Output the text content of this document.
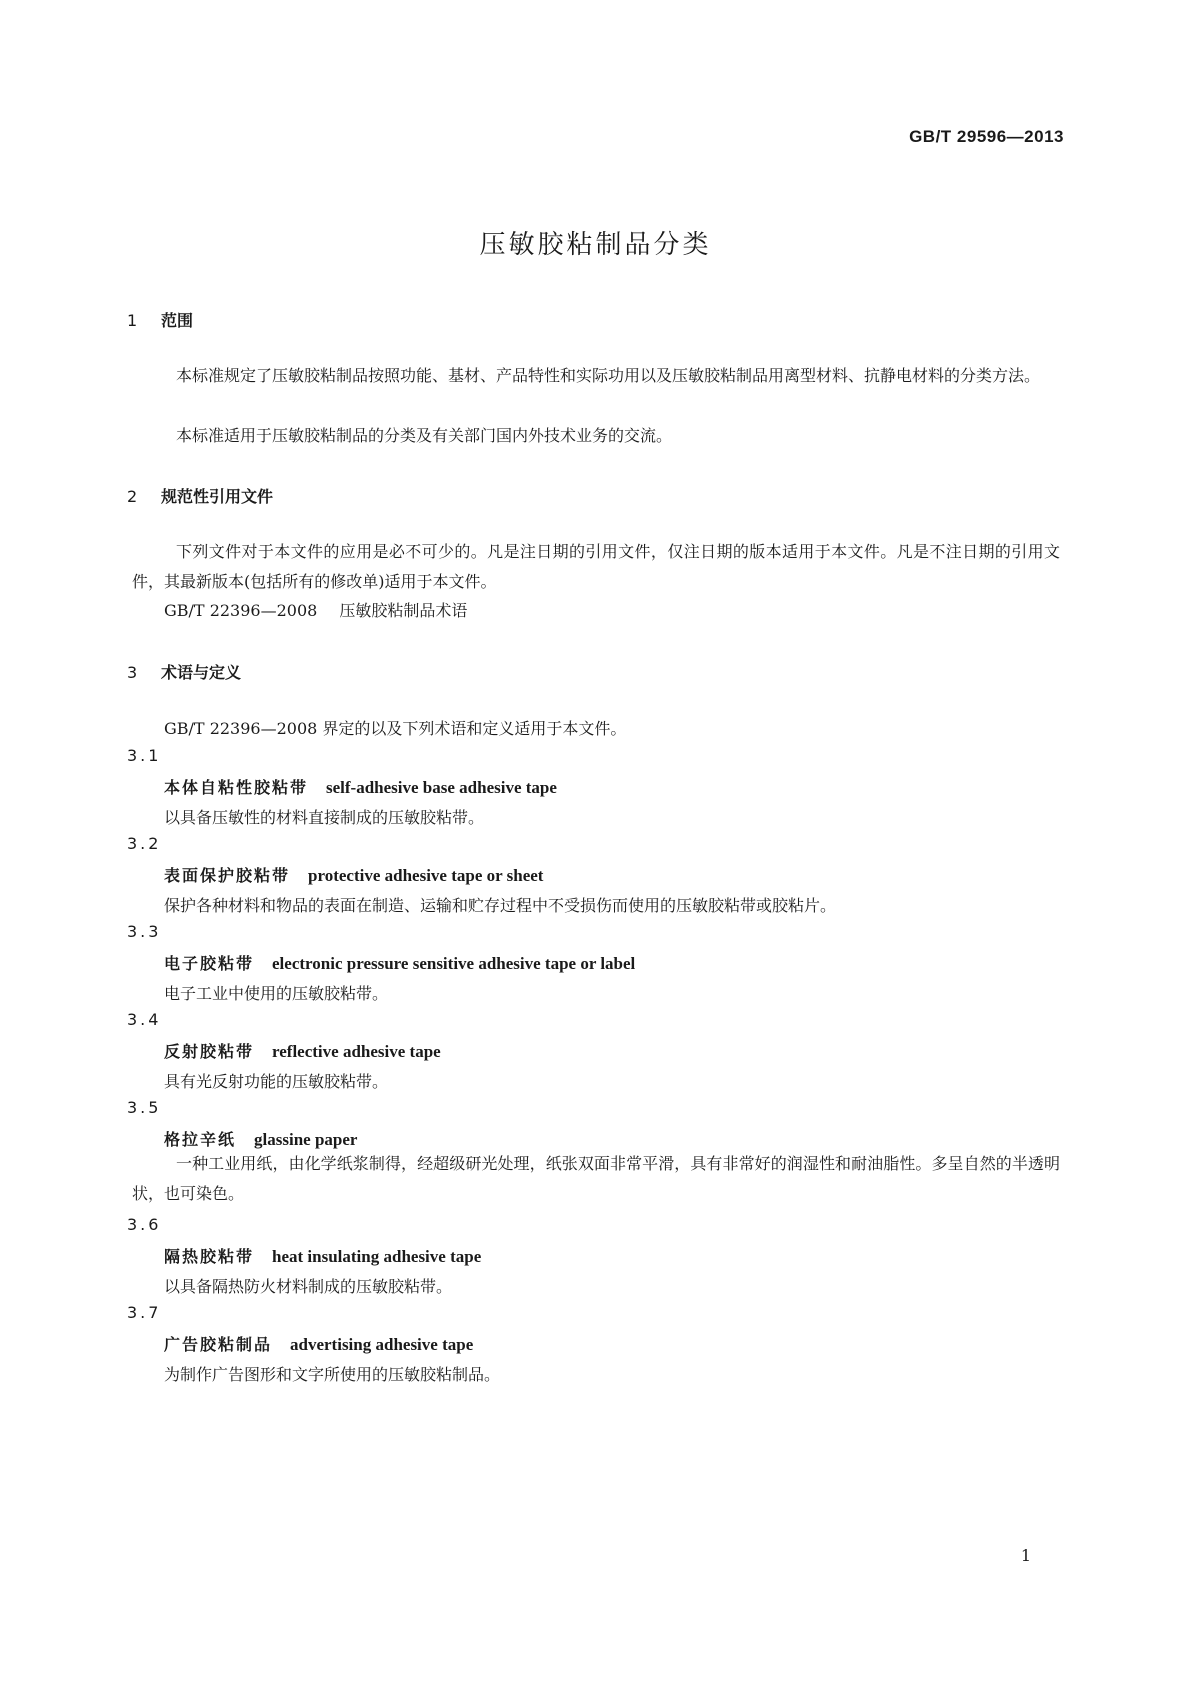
GB/T 29596—2013
压敏胶粘制品分类
1 范围

本标准规定了压敏胶粘制品按照功能、基材、产品特性和实际功用以及压敏胶粘制品用离型材料、抗静电材料的分类方法。

本标准适用于压敏胶粘制品的分类及有关部门国内外技术业务的交流。

2 规范性引用文件

下列文件对于本文件的应用是必不可少的。凡是注日期的引用文件，仅注日期的版本适用于本文件。凡是不注日期的引用文件，其最新版本(包括所有的修改单)适用于本文件。

GB/T 22396—2008 压敏胶粘制品术语
3 术语与定义
GB/T 22396—2008 界定的以及下列术语和定义适用于本文件。
3.1
本体自粘性胶粘带 self-adhesive base adhesive tape
以具备压敏性的材料直接制成的压敏胶粘带。
3.2
表面保护胶粘带 protective adhesive tape or sheet
保护各种材料和物品的表面在制造、运输和贮存过程中不受损伤而使用的压敏胶粘带或胶粘片。
3.3
电子胶粘带 electronic pressure sensitive adhesive tape or label
电子工业中使用的压敏胶粘带。
3.4
反射胶粘带 reflective adhesive tape
具有光反射功能的压敏胶粘带。
3.5
格拉辛纸 glassine paper

一种工业用纸，由化学纸浆制得，经超级研光处理，纸张双面非常平滑，具有非常好的润湿性和耐油脂性。多呈自然的半透明状，也可染色。

3.6
隔热胶粘带 heat insulating adhesive tape
以具备隔热防火材料制成的压敏胶粘带。
3.7
广告胶粘制品 advertising adhesive tape
为制作广告图形和文字所使用的压敏胶粘制品。
1
